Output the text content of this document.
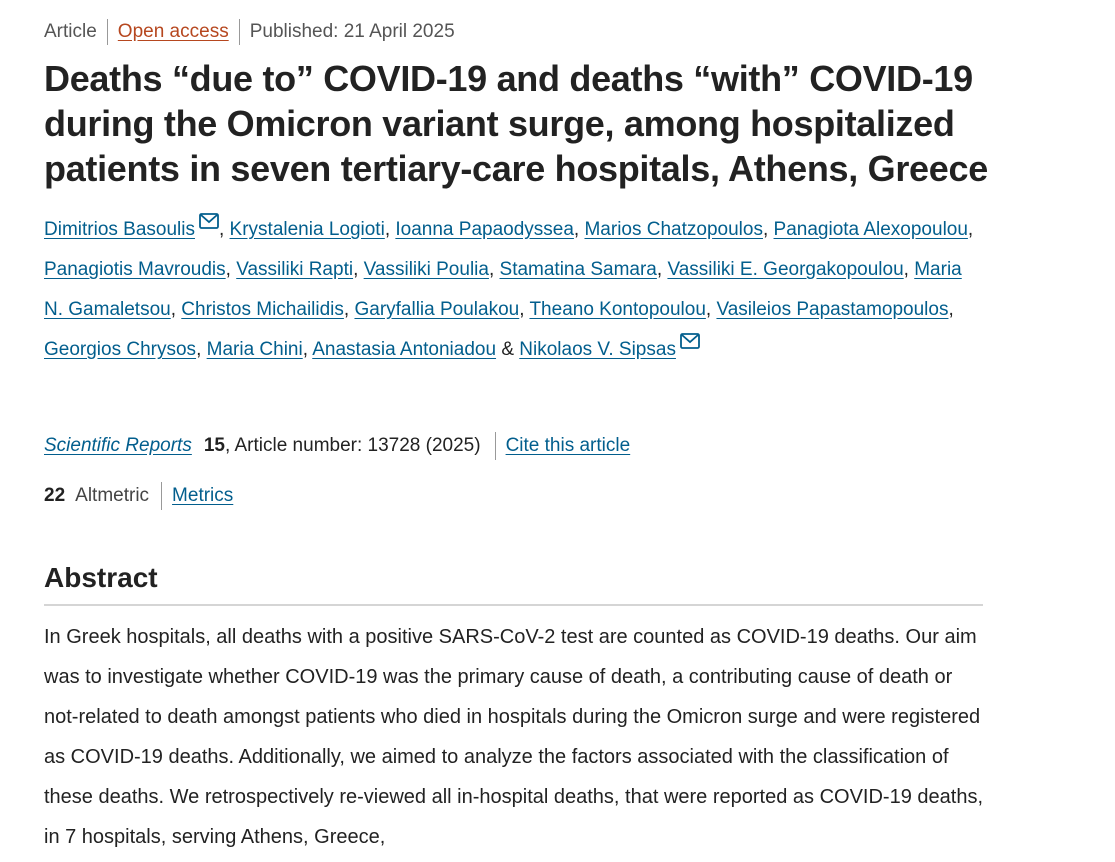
Article Open access Published: 21 April 2025
Deaths “due to” COVID-19 and deaths “with” COVID-19 during the Omicron variant surge, among hospitalized patients in seven tertiary-care hospitals, Athens, Greece
Dimitrios Basoulis , Krystalenia Logioti, Ioanna Papaodyssea, Marios Chatzopoulos, Panagiota Alexopoulou, Panagiotis Mavroudis, Vassiliki Rapti, Vassiliki Poulia, Stamatina Samara, Vassiliki E. Georgakopoulou, Maria N. Gamaletsou, Christos Michailidis, Garyfallia Poulakou, Theano Kontopoulou, Vasileios Papastamopoulos, Georgios Chrysos, Maria Chini, Anastasia Antoniadou & Nikolaos V. Sipsas
Scientific Reports 15 , Article number: 13728 (2025) Cite this article
22 Altmetric Metrics
Abstract

In Greek hospitals, all deaths with a positive SARS-CoV-2 test are counted as COVID-19 deaths. Our aim was to investigate whether COVID-19 was the primary cause of death, a contributing cause of death or not-related to death amongst patients who died in hospitals during the Omicron surge and were registered as COVID-19 deaths. Additionally, we aimed to analyze the factors associated with the classification of these deaths. We retrospectively re-viewed all in-hospital deaths, that were reported as COVID-19 deaths, in 7 hospitals, serving Athens, Greece,
